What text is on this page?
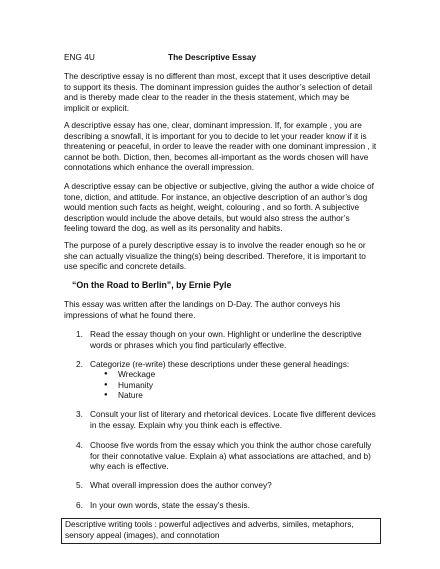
ENG 4U	The Descriptive Essay
The descriptive essay is no different than most, except that it uses descriptive detail
to support its thesis. The dominant impression guides the author’s selection of detail
and is thereby made clear to the reader in the thesis statement, which may be
implicit or explicit.
A descriptive essay has one, clear, dominant impression. If, for example , you are
describing a snowfall, it is important for you to decide to let your reader know if it is
threatening or peaceful, in order to leave the reader with one dominant impression , it
cannot be both. Diction, then, becomes all-important as the words chosen will have
connotations which enhance the overall impression.
A descriptive essay can be objective or subjective, giving the author a wide choice of
tone, diction, and attitude. For instance, an objective description of an author’s dog
would mention such facts as height, weight, colouring , and so forth. A subjective
description would include the above details, but would also stress the author’s
feeling toward the dog, as well as its personality and habits.
The purpose of a purely descriptive essay is to involve the reader enough so he or
she can actually visualize the thing(s) being described. Therefore, it is important to
use specific and concrete details.
“On the Road to Berlin”, by Ernie Pyle
This essay was written after the landings on D-Day. The author conveys his
impressions of what he found there.
1. Read the essay though on your own. Highlight or underline the descriptive
words or phrases which you find particularly effective.
2. Categorize (re-write) these descriptions under these general headings:
● Wreckage
● Humanity
● Nature
3. Consult your list of literary and rhetorical devices. Locate five different devices
in the essay. Explain why you think each is effective.
4. Choose five words from the essay which you think the author chose carefully
for their connotative value. Explain a) what associations are attached, and b)
why each is effective.
5. What overall impression does the author convey?
6. In your own words, state the essay’s thesis.
Descriptive writing tools : powerful adjectives and adverbs, similes, metaphors,
sensory appeal (images), and connotation
